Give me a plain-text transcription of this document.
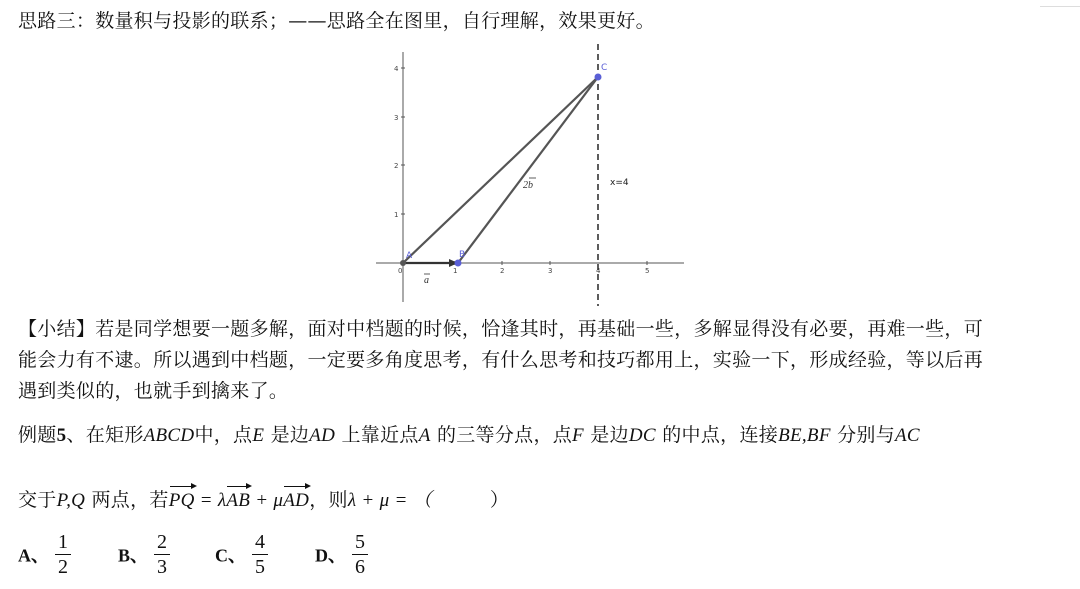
思路三：数量积与投影的联系；——思路全在图里，自行理解，效果更好。
0	1	2	3	4	5
1
2
3
4
A	B
C
x=4
a
2b
【小结】若是同学想要一题多解，面对中档题的时候，恰逢其时，再基础一些，多解显得没有必要，再难一些，可
能会力有不逮。所以遇到中档题，一定要多角度思考，有什么思考和技巧都用上，实验一下，形成经验，等以后再
遇到类似的，也就手到擒来了。
例题5、在矩形ABCD中，点E 是边AD 上靠近点A 的三等分点，点F 是边DC 的中点，连接BE,BF 分别与AC
交于P,Q 两点，若PQ = λAB + μAD，则λ + μ = （　　　	）
A、 $\frac{1}{2}$	B、 $\frac{2}{3}$ C、 $\frac{4}{5}$	D、 $\frac{5}{6}$
